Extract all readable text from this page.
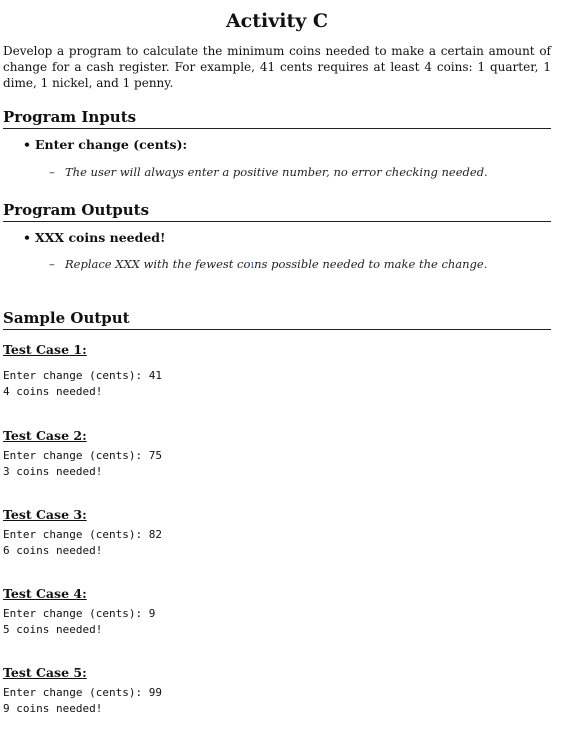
Activity C
Develop a program to calculate the minimum coins needed to make a certain amount of change for a cash register. For example, 41 cents requires at least 4 coins: 1 quarter, 1 dime, 1 nickel, and 1 penny.
Program Inputs
• Enter change (cents):
– The user will always enter a positive number, no error checking needed.
Program Outputs
• XXX coins needed!
– Replace XXX with the fewest coıns possible needed to make the change.
Sample Output
Test Case 1:
Enter change (cents): 41
4 coins needed!
Test Case 2:
Enter change (cents): 75
3 coins needed!
Test Case 3:
Enter change (cents): 82
6 coins needed!
Test Case 4:
Enter change (cents): 9
5 coins needed!
Test Case 5:
Enter change (cents): 99
9 coins needed!
